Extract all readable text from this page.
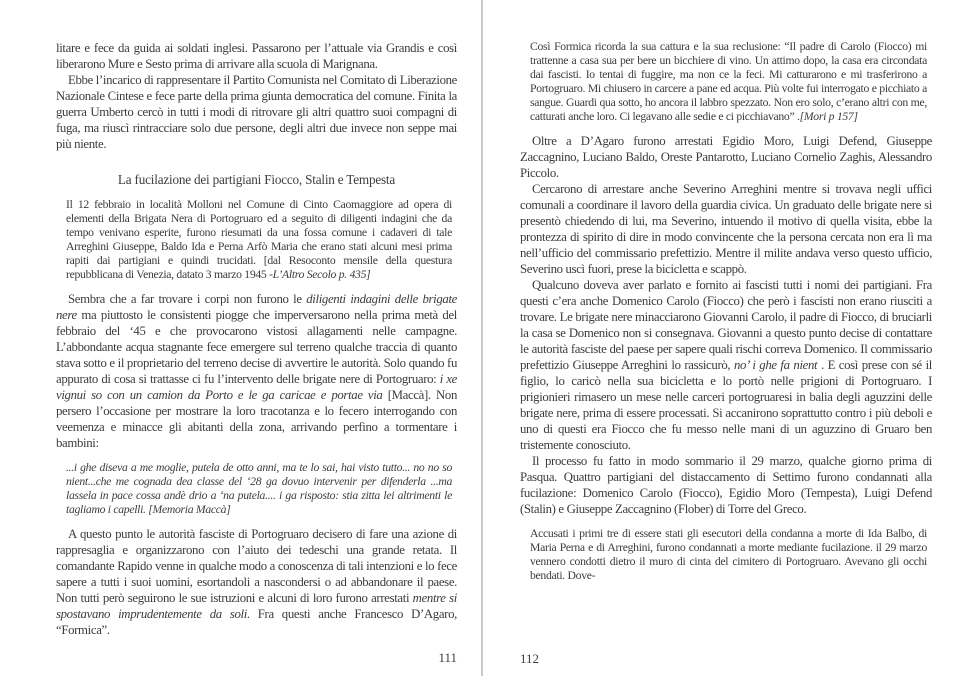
litare e fece da guida ai soldati inglesi. Passarono per l’attuale via Grandis e così liberarono Mure e Sesto prima di arrivare alla scuola di Marignana.

Ebbe l’incarico di rappresentare il Partito Comunista nel Comitato di Liberazione Nazionale Cintese e fece parte della prima giunta democratica del comune. Finita la guerra Umberto cercò in tutti i modi di ritrovare gli altri quattro suoi compagni di fuga, ma riuscì rintracciare solo due persone, degli altri due invece non seppe mai più niente.

La fucilazione dei partigiani Fiocco, Stalin e Tempesta
Il 12 febbraio in località Molloni nel Comune di Cinto Caomaggiore ad opera di elementi della Brigata Nera di Portogruaro ed a seguito di diligenti indagini che da tempo venivano esperite, furono riesumati da una fossa comune i cadaveri di tale Arreghini Giuseppe, Baldo Ida e Perna Arfò Maria che erano stati alcuni mesi prima rapiti dai partigiani e quindi trucidati. [dal Resoconto mensile della questura repubblicana di Venezia, datato 3 marzo 1945 -L’Altro Secolo p. 435]

Sembra che a far trovare i corpi non furono le diligenti indagini delle brigate nere ma piuttosto le consistenti piogge che imperversarono nella prima metà del febbraio del ‘45 e che provocarono vistosi allagamenti nelle campagne. L’abbondante acqua stagnante fece emergere sul terreno qualche traccia di quanto stava sotto e il proprietario del terreno decise di avvertire le autorità. Solo quando fu appurato di cosa si trattasse ci fu l’intervento delle brigate nere di Portogruaro: i xe vignui so con un camion da Porto e le ga caricae e portae via [Maccà]. Non persero l’occasione per mostrare la loro tracotanza e lo fecero interrogando con veemenza e minacce gli abitanti della zona, arrivando perfino a tormentare i bambini:

...i ghe diseva a me moglie, putela de otto anni, ma te lo sai, hai visto tutto... no no so nient...che me cognada dea classe del ‘28 ga dovuo intervenir per difenderla ...ma lassela in pace cossa andè drio a ‘na putela.... i ga risposto: stia zitta lei altrimenti le tagliamo i capelli. [Memoria Maccà]

A questo punto le autorità fasciste di Portogruaro decisero di fare una azione di rappresaglia e organizzarono con l’aiuto dei tedeschi una grande retata. Il comandante Rapido venne in qualche modo a conoscenza di tali intenzioni e lo fece sapere a tutti i suoi uomini, esortandoli a nascondersi o ad abbandonare il paese. Non tutti però seguirono le sue istruzioni e alcuni di loro furono arrestati mentre si spostavano imprudentemente da soli. Fra questi anche Francesco D’Agaro, “Formica”.

Così Formica ricorda la sua cattura e la sua reclusione: “Il padre di Carolo (Fiocco) mi trattenne a casa sua per bere un bicchiere di vino. Un attimo dopo, la casa era circondata dai fascisti. Io tentai di fuggire, ma non ce la feci. Mi catturarono e mi trasferirono a Portogruaro. Mi chiusero in carcere a pane ed acqua. Più volte fui interrogato e picchiato a sangue. Guardi qua sotto, ho ancora il labbro spezzato. Non ero solo, c’erano altri con me, catturati anche loro. Ci legavano alle sedie e ci picchiavano” .[Mori p 157]

Oltre a D’Agaro furono arrestati Egidio Moro, Luigi Defend, Giuseppe Zaccagnino, Luciano Baldo, Oreste Pantarotto, Luciano Cornelio Zaghis, Alessandro Piccolo.

Cercarono di arrestare anche Severino Arreghini mentre si trovava negli uffici comunali a coordinare il lavoro della guardia civica. Un graduato delle brigate nere si presentò chiedendo di lui, ma Severino, intuendo il motivo di quella visita, ebbe la prontezza di spirito di dire in modo convincente che la persona cercata non era lì ma nell’ufficio del commissario prefettizio. Mentre il milite andava verso questo ufficio, Severino uscì fuori, prese la bicicletta e scappò.

Qualcuno doveva aver parlato e fornito ai fascisti tutti i nomi dei partigiani. Fra questi c’era anche Domenico Carolo (Fiocco) che però i fascisti non erano riusciti a trovare. Le brigate nere minacciarono Giovanni Carolo, il padre di Fiocco, di bruciarli la casa se Domenico non si consegnava. Giovanni a questo punto decise di contattare le autorità fasciste del paese per sapere quali rischi correva Domenico. Il commissario prefettizio Giuseppe Arreghini lo rassicurò, no’ i ghe fa nient . E così prese con sé il figlio, lo caricò nella sua bicicletta e lo portò nelle prigioni di Portogruaro. I prigionieri rimasero un mese nelle carceri portogruaresi in balia degli aguzzini delle brigate nere, prima di essere processati. Si accanirono soprattutto contro i più deboli e uno di questi era Fiocco che fu messo nelle mani di un aguzzino di Gruaro ben tristemente conosciuto.

Il processo fu fatto in modo sommario il 29 marzo, qualche giorno prima di Pasqua. Quattro partigiani del distaccamento di Settimo furono condannati alla fucilazione: Domenico Carolo (Fiocco), Egidio Moro (Tempesta), Luigi Defend (Stalin) e Giuseppe Zaccagnino (Flober) di Torre del Greco.

Accusati i primi tre di essere stati gli esecutori della condanna a morte di Ida Balbo, di Maria Perna e di Arreghini, furono condannati a morte mediante fucilazione. il 29 marzo vennero condotti dietro il muro di cinta del cimitero di Portogruaro. Avevano gli occhi bendati. Dove-
111	112
